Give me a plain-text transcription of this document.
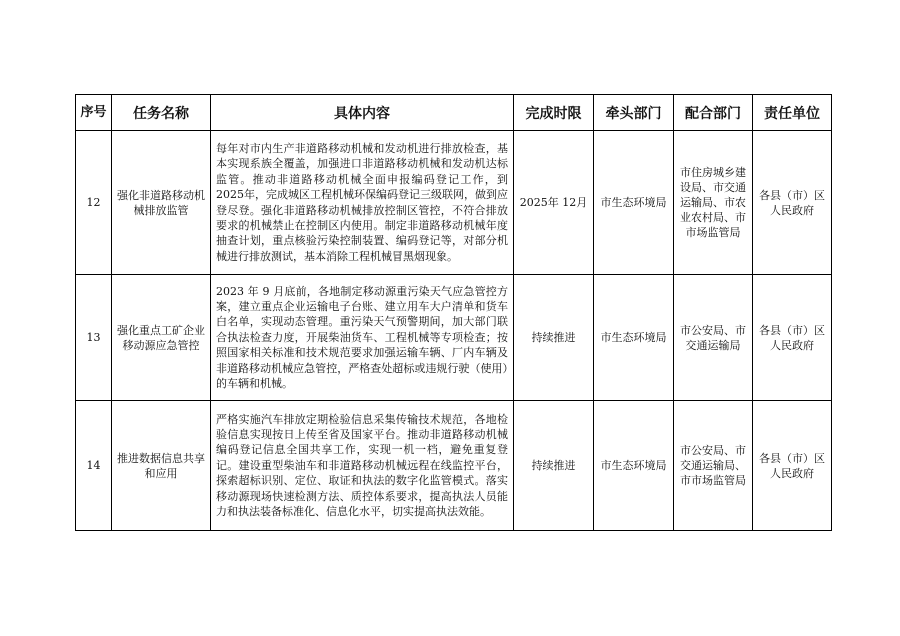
序号	任务名称	具体内容	完成时限	牵头部门	配合部门	责任单位
12	强化非道路移动机械排放监管	每年对市内生产非道路移动机械和发动机进行排放检查，基本实现系族全覆盖，加强进口非道路移动机械和发动机达标监管。推动非道路移动机械全面申报编码登记工作，到 2025年，完成城区工程机械环保编码登记三级联网，做到应登尽登。强化非道路移动机械排放控制区管控，不符合排放要求的机械禁止在控制区内使用。制定非道路移动机械年度抽查计划，重点核验污染控制装置、编码登记等，对部分机械进行排放测试，基本消除工程机械冒黑烟现象。	2025年 12月	市生态环境局	市住房城乡建设局、市交通运输局、市农业农村局、市市场监管局	各县（市）区人民政府
13	强化重点工矿企业移动源应急管控	2023 年 9 月底前，各地制定移动源重污染天气应急管控方案，建立重点企业运输电子台账、建立用车大户清单和货车白名单，实现动态管理。重污染天气预警期间，加大部门联合执法检查力度，开展柴油货车、工程机械等专项检查；按照国家相关标准和技术规范要求加强运输车辆、厂内车辆及非道路移动机械应急管控，严格查处超标或违规行驶（使用）的车辆和机械。	持续推进	市生态环境局	市公安局、市交通运输局	各县（市）区人民政府
14	推进数据信息共享和应用	严格实施汽车排放定期检验信息采集传输技术规范，各地检验信息实现按日上传至省及国家平台。推动非道路移动机械编码登记信息全国共享工作，实现一机一档，避免重复登记。建设重型柴油车和非道路移动机械远程在线监控平台，探索超标识别、定位、取证和执法的数字化监管模式。落实移动源现场快速检测方法、质控体系要求，提高执法人员能力和执法装备标准化、信息化水平，切实提高执法效能。	持续推进	市生态环境局	市公安局、市交通运输局、市市场监管局	各县（市）区人民政府
